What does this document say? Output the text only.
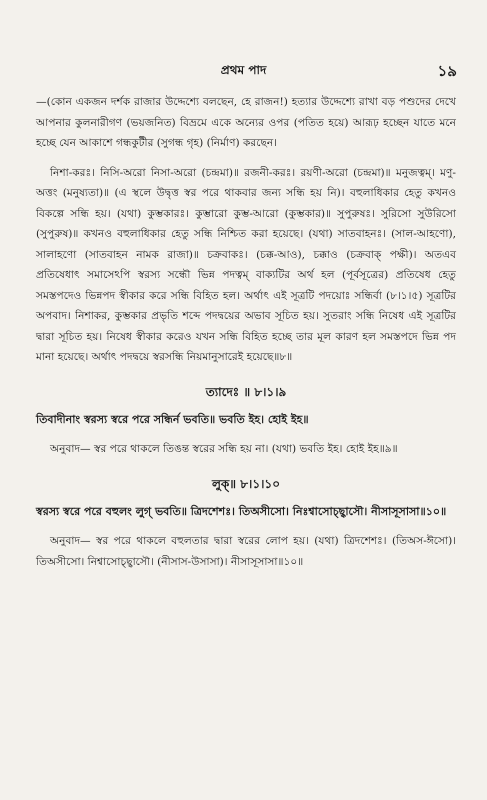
প্রথম পাদ	১৯

—(কোন একজন দর্শক রাজার উদ্দেশ্যে বলছেন, হে রাজন!) হত্যার উদ্দেশ্যে রাখা বড় পশুদের দেখে আপনার কুলনারীগণ (ভয়জনিত) বিভ্রমে একে অন্যের ওপর (পতিত হয়ে) আরূঢ় হচ্ছেন যাতে মনে হচ্ছে যেন আকাশে গন্ধকুটীর (সুগন্ধ গৃহ) (নির্মাণ) করছেন।

নিশা-করঃ। নিসি-অরো নিসা-অরো (চন্দ্রমা)॥ রজনী-করঃ। রয়ণী-অরো (চন্দ্রমা)॥ মনুজত্বম্। মণু-অত্তং (মনুষ্যতা)॥ (এ স্থলে উদ্বৃত্ত স্বর পরে থাকবার জন্য সন্ধি হয় নি)। বহুলাধিকার হেতু কখনও বিকল্পে সন্ধি হয়। (যথা) কুম্ভকারঃ। কুম্ভারো কুম্ভ-আরো (কুম্ভকার)॥ সুপুরুষঃ। সুরিসো সুউরিসো (সুপুরুষ)॥ কখনও বহুলাধিকার হেতু সন্ধি নিশ্চিত করা হয়েছে। (যথা) সাতবাহনঃ। (সাল-আহণো), সালাহণো (সাতবাহন নামক রাজা)॥ চক্রবাকঃ। (চক্ক-আও), চক্কাও (চক্রবাক্ পক্ষী)। অতএব প্রতিষেধাৎ সমাসেঽপি স্বরস্য সন্ধৌ ভিন্ন পদত্বম্ বাক্যটির অর্থ হল (পূর্বসূত্রের) প্রতিষেধ হেতু সমস্তপদেও ভিন্নপদ স্বীকার করে সন্ধি বিহিত হল। অর্থাৎ এই সূত্রটি পদয়োঃ সন্ধির্বা (৮।১।৫) সূত্রটির অপবাদ। নিশাকর, কুম্ভকার প্রভৃতি শব্দে পদদ্বয়ের অভাব সূচিত হয়। সুতরাং সন্ধি নিষেধ এই সূত্রটির দ্বারা সূচিত হয়। নিষেধ স্বীকার করেও যখন সন্ধি বিহিত হচ্ছে তার মূল কারণ হল সমস্তপদে ভিন্ন পদ মানা হয়েছে। অর্থাৎ পদদ্বয়ে স্বরসন্ধি নিয়মানুসারেই হয়েছে॥৮॥

ত্যাদেঃ ॥ ৮।১।৯

তিবাদীনাং স্বরস্য স্বরে পরে সন্ধির্ন ভবতি॥ ভবতি ইহ। হোই ইহ॥

অনুবাদ— স্বর পরে থাকলে তিঙন্ত স্বরের সন্ধি হয় না। (যথা) ভবতি ইহ। হোই ইহ॥৯॥

লুক্॥ ৮।১।১০

স্বরস্য স্বরে পরে বহুলং লুগ্ ভবতি॥ ত্রিদশেশঃ। তিঅসীসো। নিঃশ্বাসোচ্ছ্বাসৌ। নীসাসূসাসা॥১০॥

অনুবাদ— স্বর পরে থাকলে বহুলতার দ্বারা স্বরের লোপ হয়। (যথা) ত্রিদশেশঃ। (তিঅস-ঈসো)। তিঅসীসো। নিশ্বাসোচ্ছ্বাসৌ। (নীসাস-উসাসা)। নীসাসূসাসা॥১০॥
